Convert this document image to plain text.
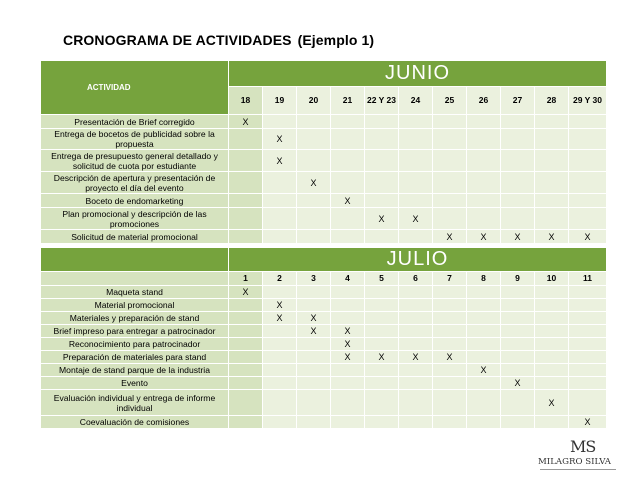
CRONOGRAMA DE ACTIVIDADES (Ejemplo 1)
ACTIVIDAD	JUNIO										
	18	19	20	21	22 Y 23	24	25	26	27	28	29 Y 30
Presentación de Brief corregido	X										
Entrega de bocetos de publicidad sobre la propuesta		X									
Entrega de presupuesto general detallado y solicitud de cuota por estudiante		X									
Descripción de apertura y presentación de proyecto el día del evento			X								
Boceto de endomarketing				X							
Plan promocional y descripción de las promociones					X	X					
Solicitud de material promocional							X	X	X	X	X

	JULIO										
	1	2	3	4	5	6	7	8	9	10	11
Maqueta stand	X										
Material promocional		X									
Materiales y preparación de stand		X	X								
Brief impreso para entregar a patrocinador			X	X							
Reconocimiento para patrocinador				X							
Preparación de materiales para stand				X	X	X	X				
Montaje de stand parque de la industria								X			
Evento									X		
Evaluación individual y entrega de informe individual										X	
Coevaluación de comisiones											X
MS
MILAGRO SILVA
